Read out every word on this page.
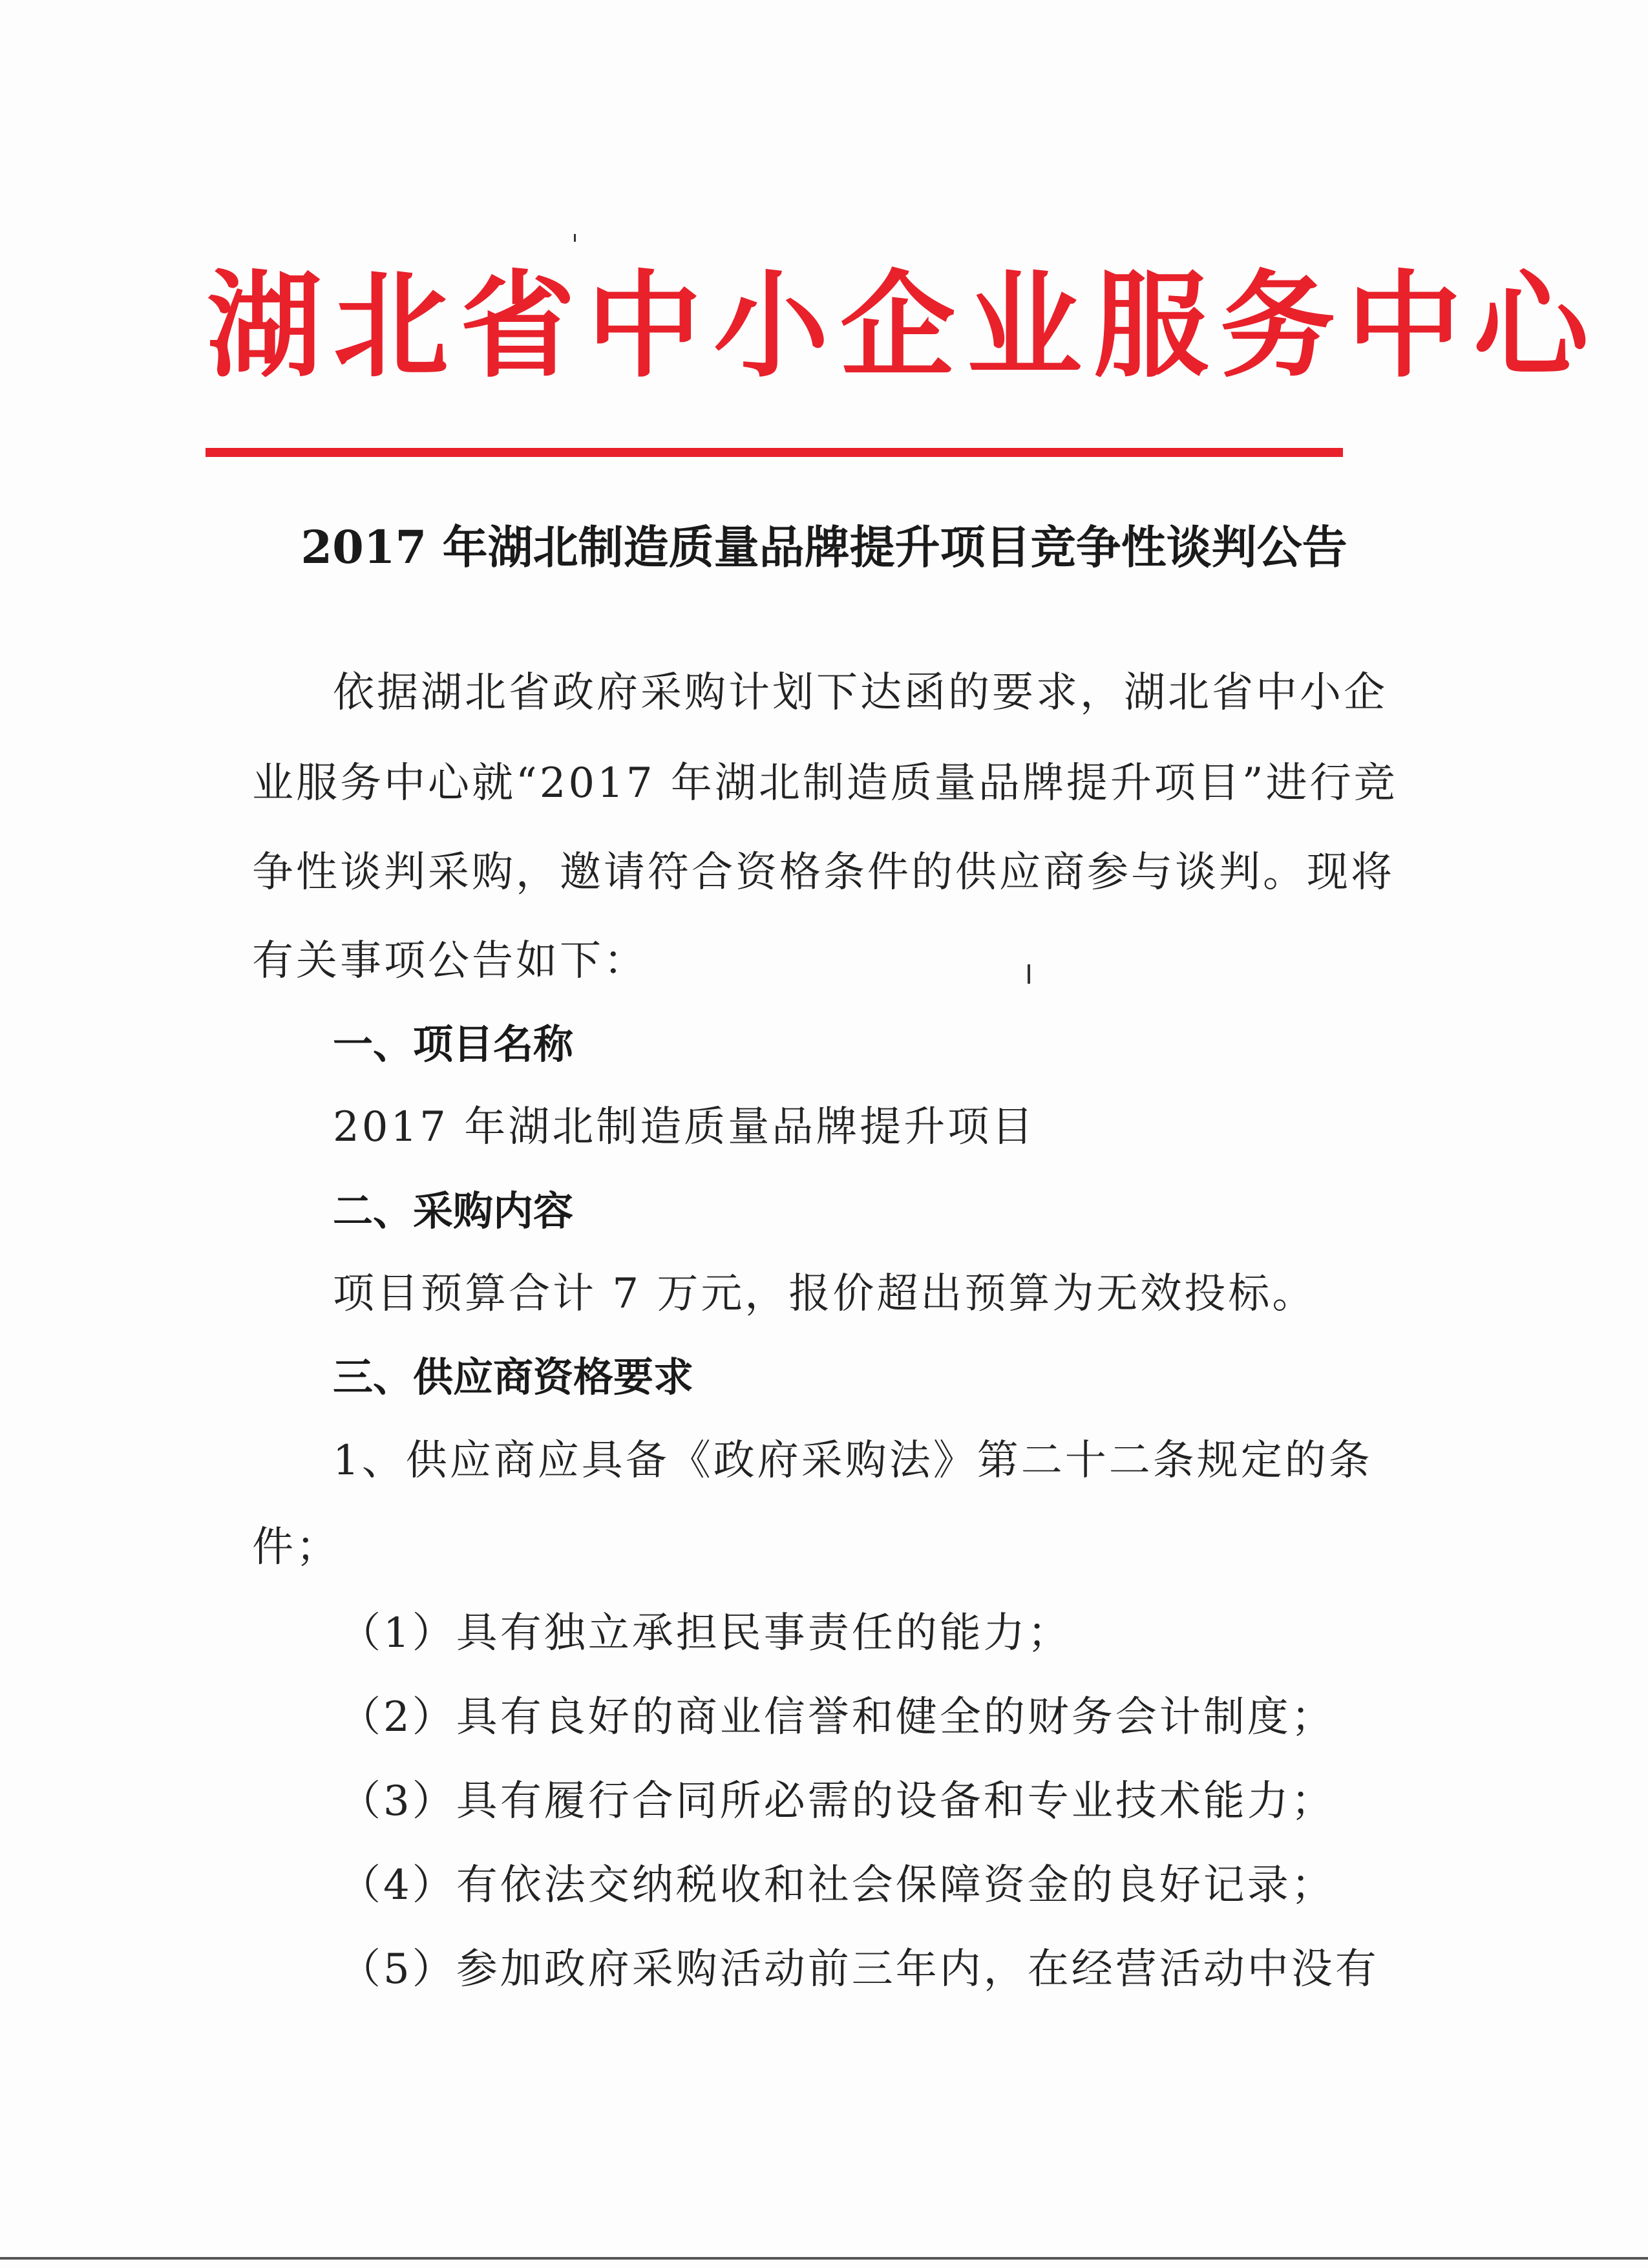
湖北省中小企业服务中心
2017 年湖北制造质量品牌提升项目竞争性谈判公告
依据湖北省政府采购计划下达函的要求，湖北省中小企
业服务中心就“2017 年湖北制造质量品牌提升项目”进行竞
争性谈判采购，邀请符合资格条件的供应商参与谈判。现将
有关事项公告如下：
一、项目名称
2017 年湖北制造质量品牌提升项目
二、采购内容
项目预算合计 7 万元，报价超出预算为无效投标。
三、供应商资格要求
1、供应商应具备《政府采购法》第二十二条规定的条
件；
（1）具有独立承担民事责任的能力；
（2）具有良好的商业信誉和健全的财务会计制度；
（3）具有履行合同所必需的设备和专业技术能力；
（4）有依法交纳税收和社会保障资金的良好记录；
（5）参加政府采购活动前三年内，在经营活动中没有
